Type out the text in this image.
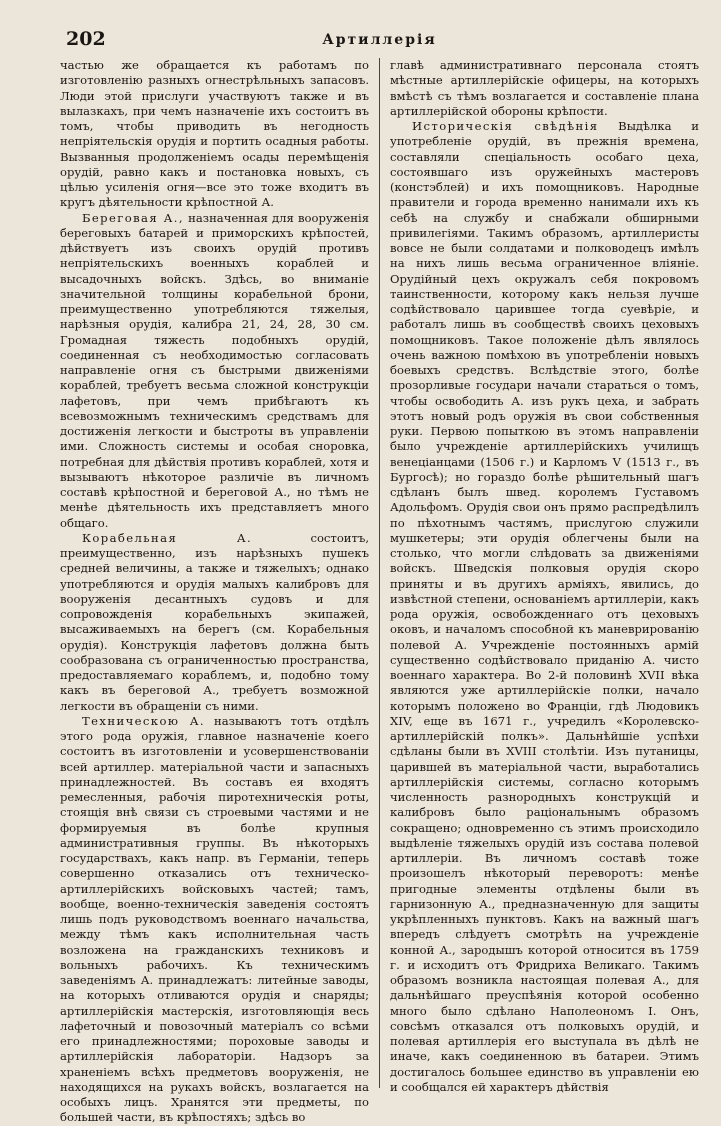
202	Артиллерія

частью же обращается къ работамъ по изготовленію разныхъ огнестрѣльныхъ запасовъ. Люди этой прислуги участвуютъ также и въ вылазкахъ, при чемъ назначеніе ихъ состоитъ въ томъ, чтобы приводить въ негодность непріятельскія орудія и портить осадныя работы. Вызванныя продолженіемъ осады перемѣщенія орудій, равно какъ и постановка новыхъ, съ цѣлью усиленія огня—все это тоже входитъ въ кругъ дѣятельности крѣпостной А.

Береговая А., назначенная для вооруженія береговыхъ батарей и приморскихъ крѣпостей, дѣйствуетъ изъ своихъ орудій противъ непріятельскихъ военныхъ кораблей и высадочныхъ войскъ. Здѣсь, во вниманіе значительной толщины корабельной брони, преимущественно употребляются тяжелыя, нарѣзныя орудія, калибра 21, 24, 28, 30 см. Громадная тяжесть подобныхъ орудій, соединенная съ необходимостью согласовать направленіе огня съ быстрыми движеніями кораблей, требуетъ весьма сложной конструкціи лафетовъ, при чемъ прибѣгаютъ къ всевозможнымъ техническимъ средствамъ для достиженія легкости и быстроты въ управленіи ими. Сложность системы и особая сноровка, потребная для дѣйствія противъ кораблей, хотя и вызываютъ нѣкоторое различіе въ личномъ составѣ крѣпостной и береговой А., но тѣмъ не менѣе дѣятельность ихъ представляетъ много общаго.

Корабельная А. состоитъ, преимущественно, изъ нарѣзныхъ пушекъ средней величины, а также и тяжелыхъ; однако употребляются и орудія малыхъ калибровъ для вооруженія десантныхъ судовъ и для сопровожденія корабельныхъ экипажей, высаживаемыхъ на берегъ (см. Корабельныя орудія). Конструкція лафетовъ должна быть сообразована съ ограниченностью пространства, предоставляемаго кораблемъ, и, подобно тому какъ въ береговой А., требуетъ возможной легкости въ обращеніи съ ними.

Техническою А. называютъ тотъ отдѣлъ этого рода оружія, главное назначеніе коего состоитъ въ изготовленіи и усовершенствованіи всей артиллер. матеріальной части и запасныхъ принадлежностей. Въ составъ ея входятъ ремесленныя, рабочія пиротехническія роты, стоящія внѣ связи съ строевыми частями и не формируемыя въ болѣе крупныя административныя группы. Въ нѣкоторыхъ государствахъ, какъ напр. въ Германіи, теперь совершенно отказались отъ техническо-артиллерійскихъ войсковыхъ частей; тамъ, вообще, военно-техническія заведенія состоятъ лишь подъ руководствомъ военнаго начальства, между тѣмъ какъ исполнительная часть возложена на гражданскихъ техниковъ и вольныхъ рабочихъ. Къ техническимъ заведеніямъ А. принадлежатъ: литейные заводы, на которыхъ отливаются орудія и снаряды; артиллерійскія мастерскія, изготовляющія весь лафеточный и повозочный матеріалъ со всѣми его принадлежностями; пороховые заводы и артиллерійскія лабораторіи. Надзоръ за храненіемъ всѣхъ предметовъ вооруженія, не находящихся на рукахъ войскъ, возлагается на особыхъ лицъ. Хранятся эти предметы, по большей части, въ крѣпостяхъ; здѣсь во

главѣ административнаго персонала стоятъ мѣстные артиллерійскіе офицеры, на которыхъ вмѣстѣ съ тѣмъ возлагается и составленіе плана артиллерійской обороны крѣпости.

Историческія свѣдѣнія Выдѣлка и употребленіе орудій, въ прежнія времена, составляли спеціальность особаго цеха, состоявшаго изъ оружейныхъ мастеровъ (констэблей) и ихъ помощниковъ. Народные правители и города временно нанимали ихъ къ себѣ на службу и снабжали обширными привилегіями. Такимъ образомъ, артиллеристы вовсе не были солдатами и полководецъ имѣлъ на нихъ лишь весьма ограниченное вліяніе. Орудійный цехъ окружалъ себя покровомъ таинственности, которому какъ нельзя лучше содѣйствовало царившее тогда суевѣріе, и работалъ лишь въ сообществѣ своихъ цеховыхъ помощниковъ. Такое положеніе дѣлъ являлось очень важною помѣхою въ употребленіи новыхъ боевыхъ средствъ. Вслѣдствіе этого, болѣе прозорливые государи начали стараться о томъ, чтобы освободить А. изъ рукъ цеха, и забрать этотъ новый родъ оружія въ свои собственныя руки. Первою попыткою въ этомъ направленіи было учрежденіе артиллерійскихъ училищъ венеціанцами (1506 г.) и Карломъ V (1513 г., въ Бургосѣ); но гораздо болѣе рѣшительный шагъ сдѣланъ былъ швед. королемъ Густавомъ Адольфомъ. Орудія свои онъ прямо распредѣлилъ по пѣхотнымъ частямъ, прислугою служили мушкетеры; эти орудія облегчены были на столько, что могли слѣдовать за движеніями войскъ. Шведскія полковыя орудія скоро приняты и въ другихъ арміяхъ, явились, до извѣстной степени, основаніемъ артиллеріи, какъ рода оружія, освобожденнаго отъ цеховыхъ оковъ, и началомъ способной къ маневрированію полевой А. Учрежденіе постоянныхъ армій существенно содѣйствовало приданію А. чисто военнаго характера. Во 2-й половинѣ XVII вѣка являются уже артиллерійскіе полки, начало которымъ положено во Франціи, гдѣ Людовикъ XIV, еще въ 1671 г., учредилъ «Королевско-артиллерійскій полкъ». Дальнѣйшіе успѣхи сдѣланы были въ XVIII столѣтіи. Изъ путаницы, царившей въ матеріальной части, выработались артиллерійскія системы, согласно которымъ численность разнородныхъ конструкцій и калибровъ было раціональнымъ образомъ сокращено; одновременно съ этимъ происходило выдѣленіе тяжелыхъ орудій изъ состава полевой артиллеріи. Въ личномъ составѣ тоже произошелъ нѣкоторый переворотъ: менѣе пригодные элементы отдѣлены были въ гарнизонную А., предназначенную для защиты укрѣпленныхъ пунктовъ. Какъ на важный шагъ впередъ слѣдуетъ смотрѣть на учрежденіе конной А., зародышъ которой относится въ 1759 г. и исходитъ отъ Фридриха Великаго. Такимъ образомъ возникла настоящая полевая А., для дальнѣйшаго преуспѣянія которой особенно много было сдѣлано Наполеономъ I. Онъ, совсѣмъ отказался отъ полковыхъ орудій, и полевая артиллерія его выступала въ дѣлѣ не иначе, какъ соединенною въ батареи. Этимъ достигалось большее единство въ управленіи ею и сообщался ей характеръ дѣйствія
